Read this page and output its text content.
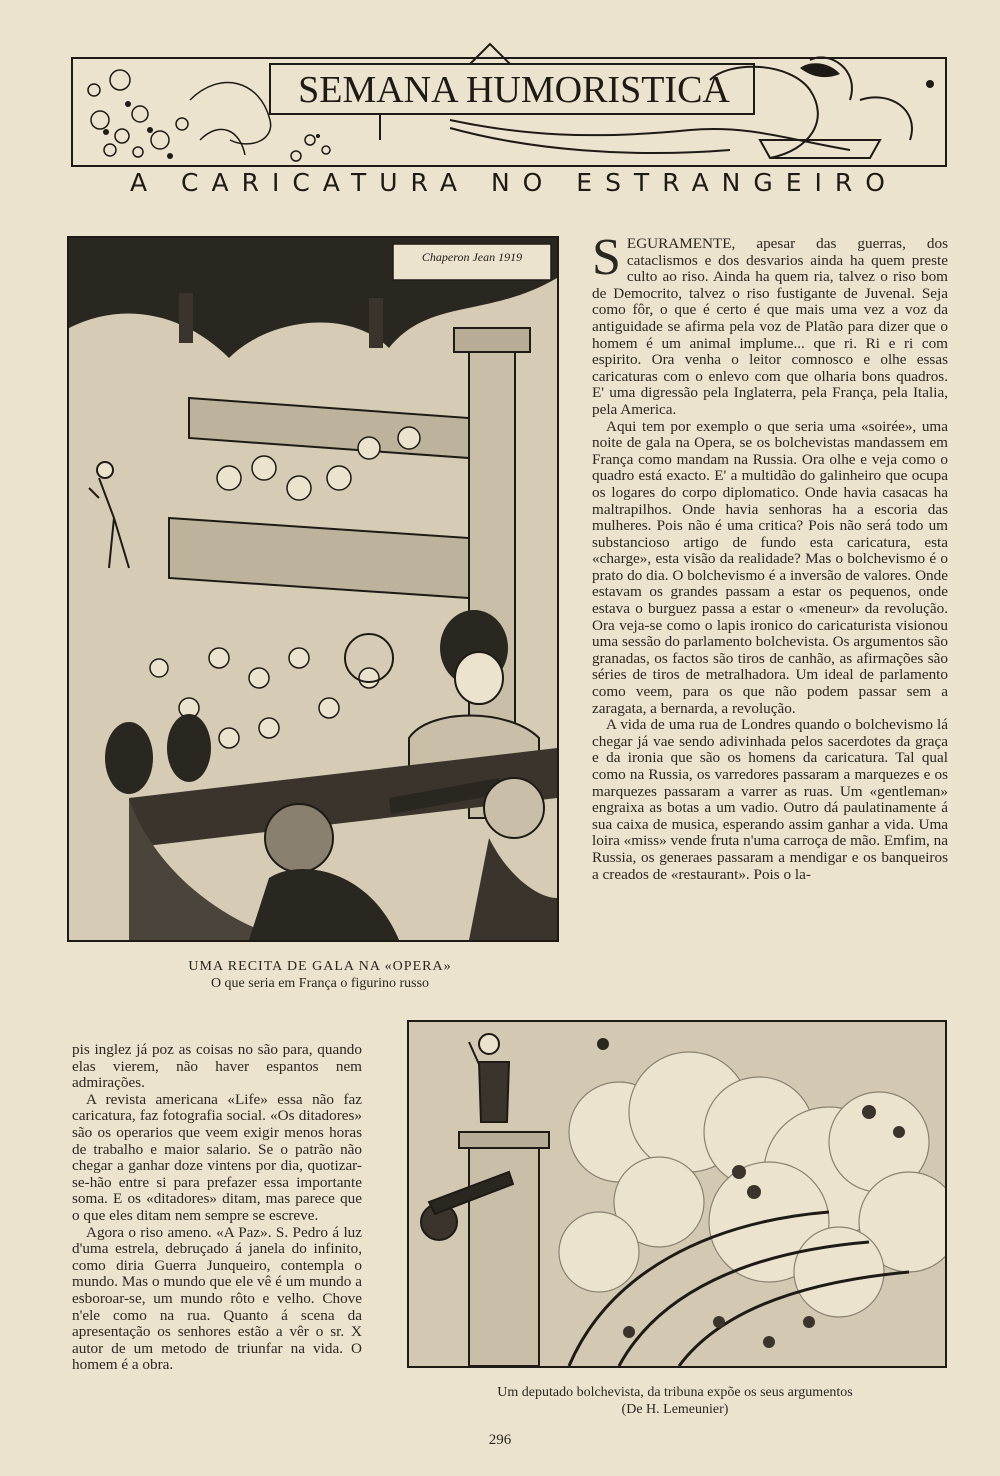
SEMANA HUMORISTICA
A CARICATURA NO ESTRANGEIRO
Chaperon Jean 1919
UMA RECITA DE GALA NA «OPERA»
O que seria em França o figurino russo

SEGURAMENTE, apesar das guerras, dos cataclismos e dos desvarios ainda ha quem preste culto ao riso. Ainda ha quem ria, talvez o riso bom de Democrito, talvez o riso fustigante de Juvenal. Seja como fôr, o que é certo é que mais uma vez a voz da antiguidade se afirma pela voz de Platão para dizer que o homem é um animal implume... que ri. Ri e ri com espirito. Ora venha o leitor comnosco e olhe essas caricaturas com o enlevo com que olharia bons quadros. E' uma digressão pela Inglaterra, pela França, pela Italia, pela America.

Aqui tem por exemplo o que seria uma «soirée», uma noite de gala na Opera, se os bolchevistas mandassem em França como mandam na Russia. Ora olhe e veja como o quadro está exacto. E' a multidão do galinheiro que ocupa os logares do corpo diplomatico. Onde havia casacas ha maltrapilhos. Onde havia senhoras ha a escoria das mulheres. Pois não é uma critica? Pois não será todo um substancioso artigo de fundo esta caricatura, esta «charge», esta visão da realidade? Mas o bolchevismo é o prato do dia. O bolchevismo é a inversão de valores. Onde estavam os grandes passam a estar os pequenos, onde estava o burguez passa a estar o «meneur» da revolução. Ora veja-se como o lapis ironico do caricaturista visionou uma sessão do parlamento bolchevista. Os argumentos são granadas, os factos são tiros de canhão, as afirmações são séries de tiros de metralhadora. Um ideal de parlamento como veem, para os que não podem passar sem a zaragata, a bernarda, a revolução.

A vida de uma rua de Londres quando o bolchevismo lá chegar já vae sendo adivinhada pelos sacerdotes da graça e da ironia que são os homens da caricatura. Tal qual como na Russia, os varredores passaram a marquezes e os marquezes passaram a varrer as ruas. Um «gentleman» engraixa as botas a um vadio. Outro dá paulatinamente á sua caixa de musica, esperando assim ganhar a vida. Uma loira «miss» vende fruta n'uma carroça de mão. Emfim, na Russia, os generaes passaram a mendigar e os banqueiros a creados de «restaurant». Pois o la-

pis inglez já poz as coisas no são para, quando elas vierem, não haver espantos nem admirações.

A revista americana «Life» essa não faz caricatura, faz fotografia social. «Os ditadores» são os operarios que veem exigir menos horas de trabalho e maior salario. Se o patrão não chegar a ganhar doze vintens por dia, quotizar-se-hão entre si para prefazer essa importante soma. E os «ditadores» ditam, mas parece que o que eles ditam nem sempre se escreve.

Agora o riso ameno. «A Paz». S. Pedro á luz d'uma estrela, debruçado á janela do infinito, como diria Guerra Junqueiro, contempla o mundo. Mas o mundo que ele vê é um mundo a esboroar-se, um mundo rôto e velho. Chove n'ele como na rua. Quanto á scena da apresentação os senhores estão a vêr o sr. X autor de um metodo de triunfar na vida. O homem é a obra.

Um deputado bolchevista, da tribuna expõe os seus argumentos
(De H. Lemeunier)
296
